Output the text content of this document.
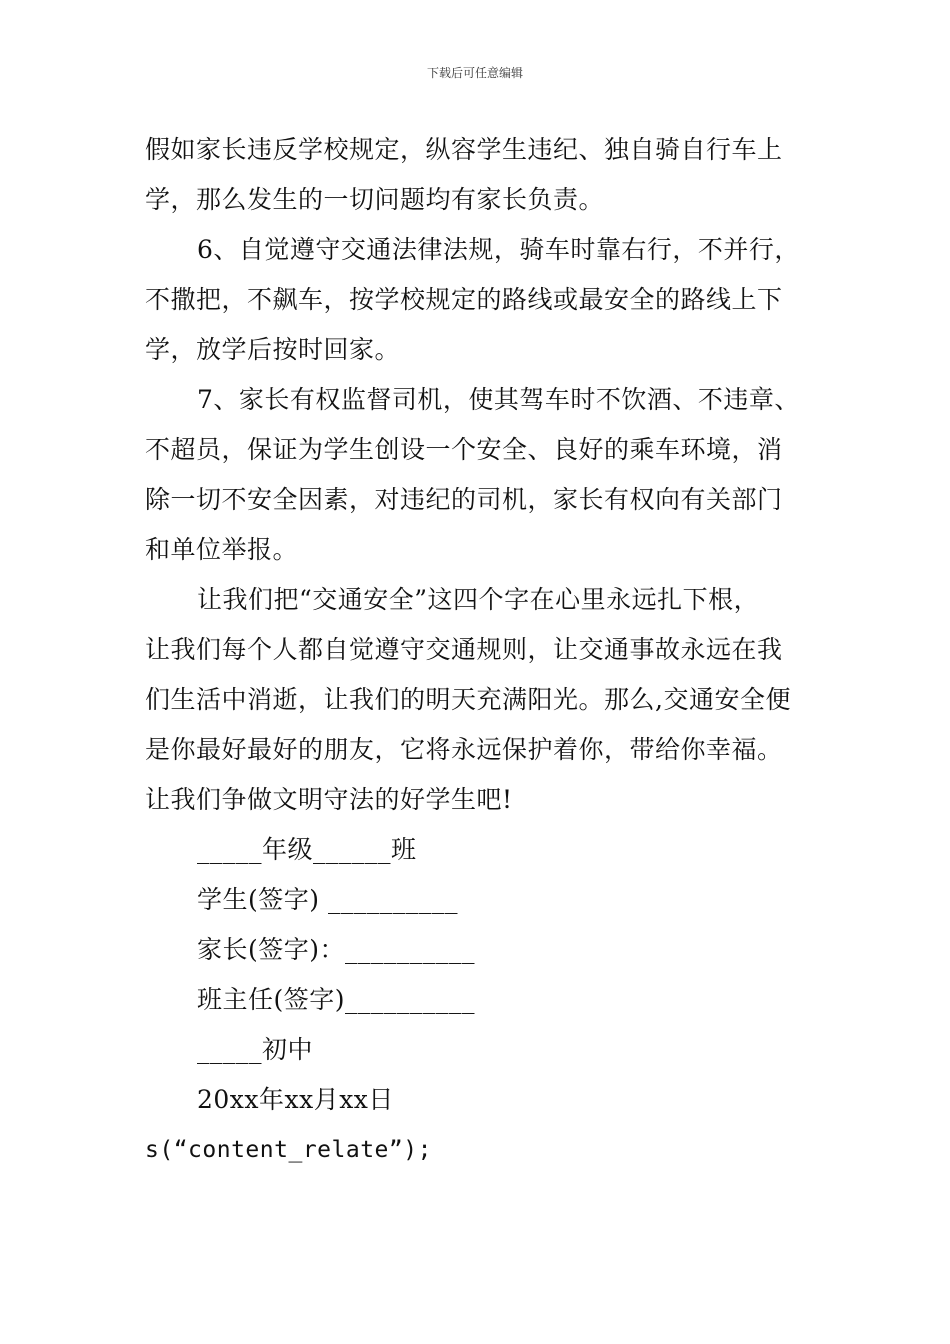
下载后可任意编辑
假如家长违反学校规定，纵容学生违纪、独自骑自行车上
学，那么发生的一切问题均有家长负责。
6、自觉遵守交通法律法规，骑车时靠右行，不并行，
不撒把，不飙车，按学校规定的路线或最安全的路线上下
学，放学后按时回家。
7、家长有权监督司机，使其驾车时不饮酒、不违章、
不超员，保证为学生创设一个安全、良好的乘车环境，消
除一切不安全因素，对违纪的司机，家长有权向有关部门
和单位举报。
让我们把“交通安全”这四个字在心里永远扎下根，
让我们每个人都自觉遵守交通规则，让交通事故永远在我
们生活中消逝，让我们的明天充满阳光。那么,交通安全便
是你最好最好的朋友，它将永远保护着你，带给你幸福。
让我们争做文明守法的好学生吧!
_____年级______班
学生(签字) __________
家长(签字)：__________
班主任(签字)__________
_____初中
20xx年xx月xx日
s(“content_relate”);
